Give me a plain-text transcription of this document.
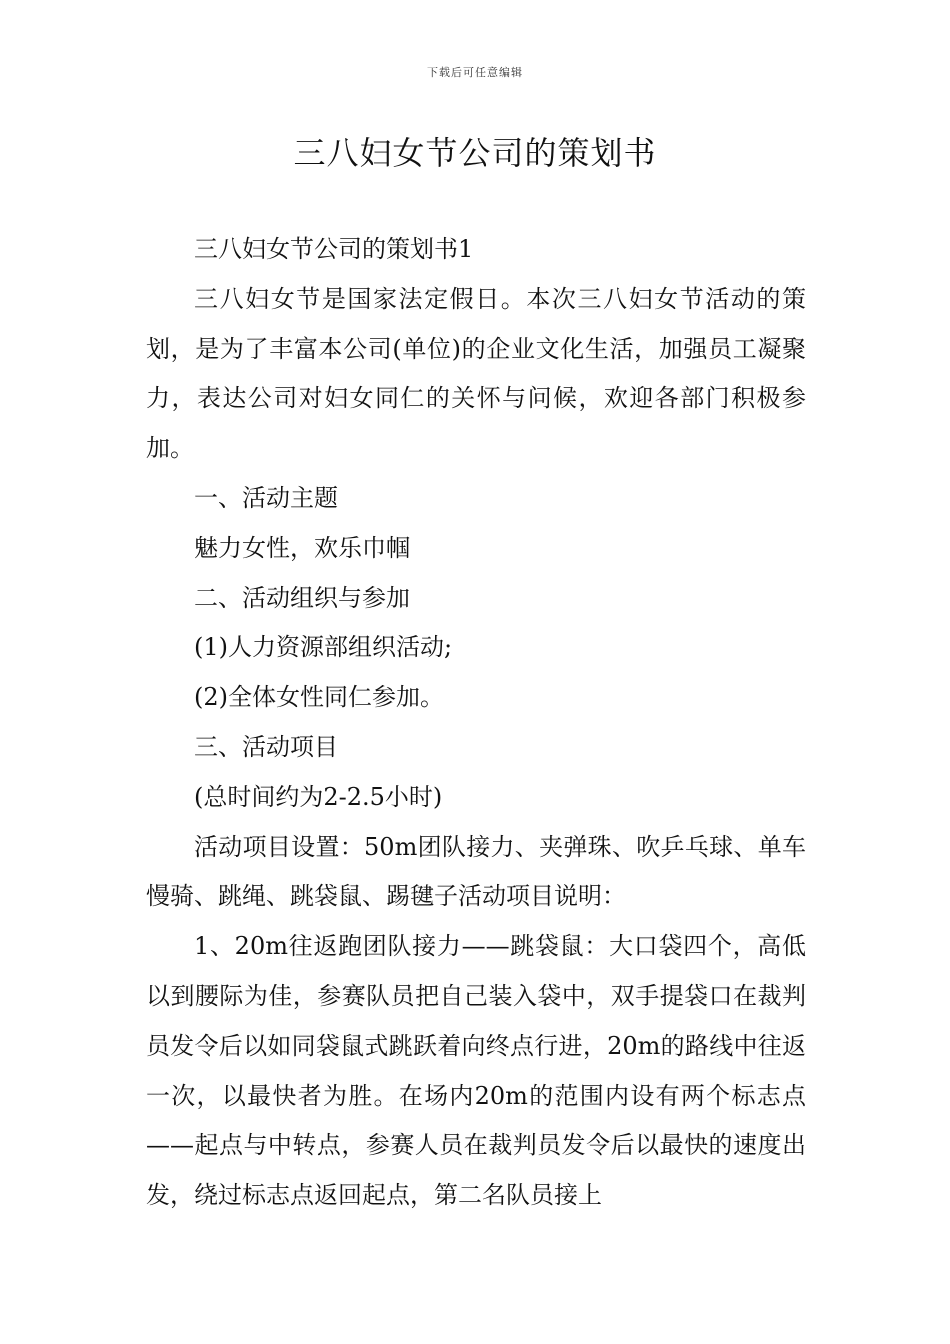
下载后可任意编辑
三八妇女节公司的策划书

三八妇女节公司的策划书1

三八妇女节是国家法定假日。本次三八妇女节活动的策划，是为了丰富本公司(单位)的企业文化生活，加强员工凝聚力，表达公司对妇女同仁的关怀与问候，欢迎各部门积极参加。

一、活动主题

魅力女性，欢乐巾帼

二、活动组织与参加

(1)人力资源部组织活动;

(2)全体女性同仁参加。

三、活动项目

(总时间约为2-2.5小时)

活动项目设置：50m团队接力、夹弹珠、吹乒乓球、单车慢骑、跳绳、跳袋鼠、踢毽子活动项目说明：

1、20m往返跑团队接力——跳袋鼠：大口袋四个，高低以到腰际为佳，参赛队员把自己装入袋中，双手提袋口在裁判员发令后以如同袋鼠式跳跃着向终点行进，20m的路线中往返一次，以最快者为胜。在场内20m的范围内设有两个标志点——起点与中转点，参赛人员在裁判员发令后以最快的速度出发，绕过标志点返回起点，第二名队员接上
